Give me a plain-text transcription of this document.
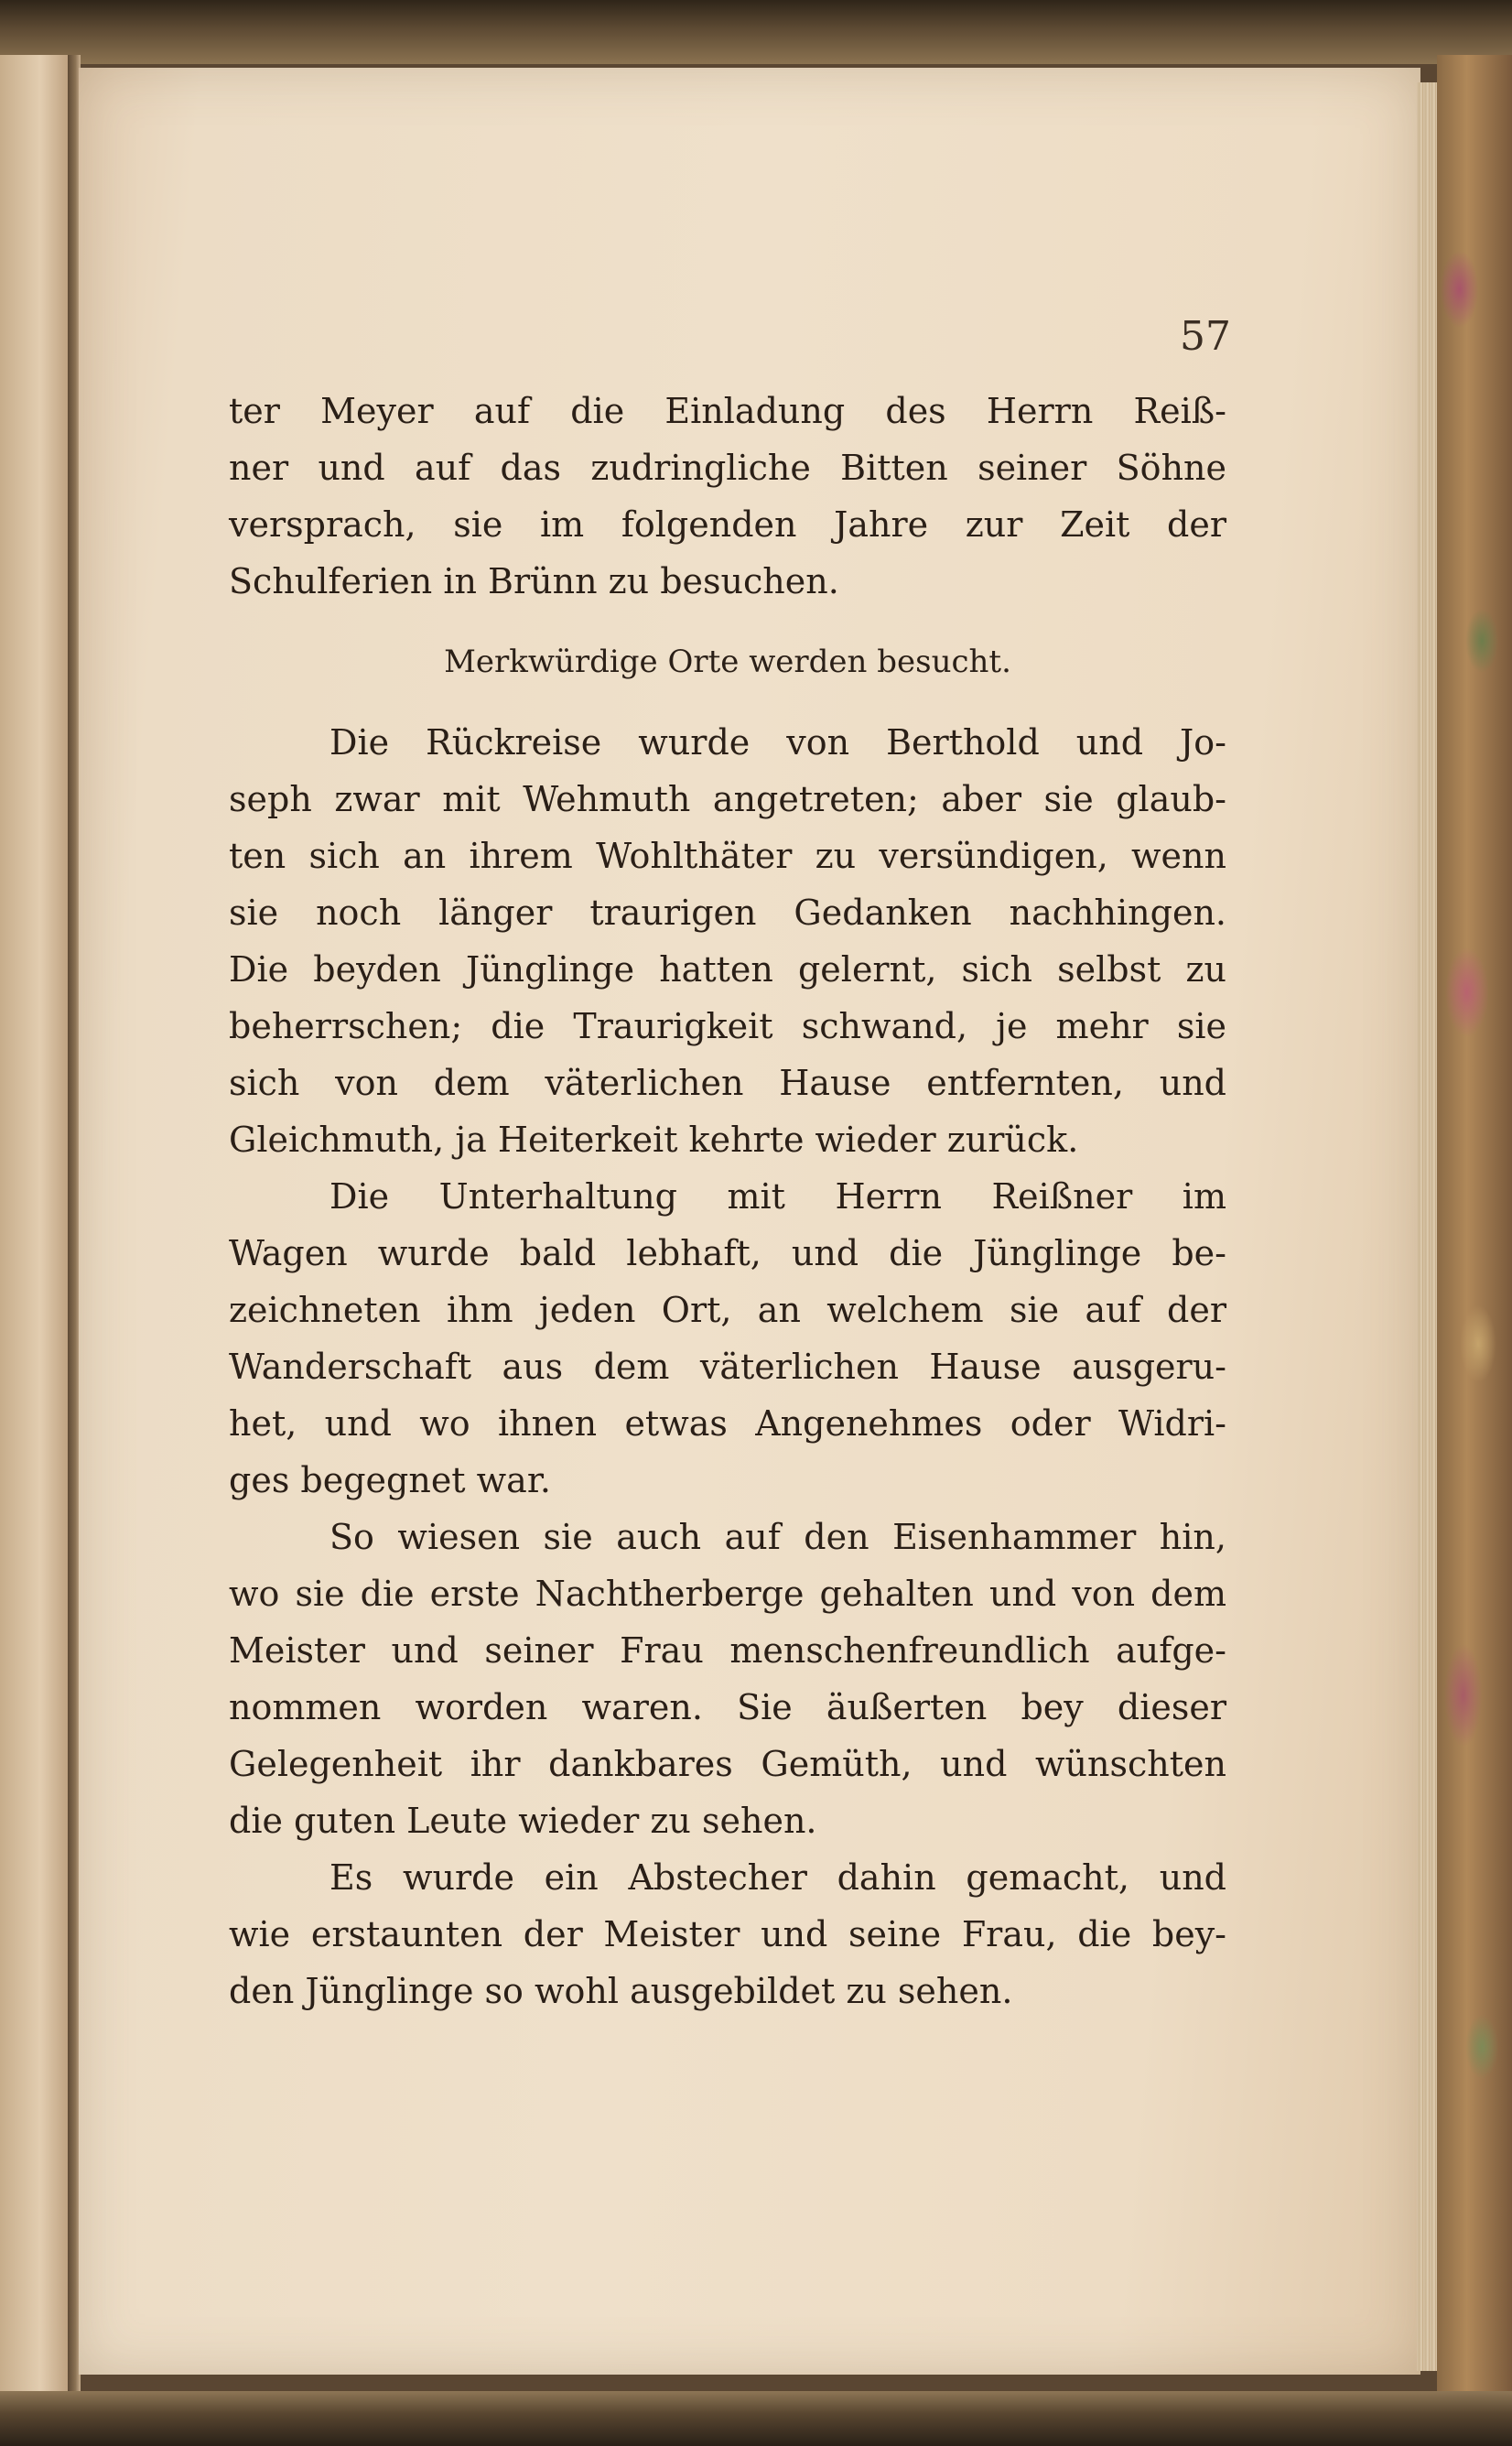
57
ter Meyer auf die Einladung des Herrn Reiß-
ner und auf das zudringliche Bitten seiner Söhne
versprach, sie im folgenden Jahre zur Zeit der
Schulferien in Brünn zu besuchen.
Merkwürdige Orte werden besucht.
Die Rückreise wurde von Berthold und Jo-
seph zwar mit Wehmuth angetreten; aber sie glaub-
ten sich an ihrem Wohlthäter zu versündigen, wenn
sie noch länger traurigen Gedanken nachhingen.
Die beyden Jünglinge hatten gelernt, sich selbst zu
beherrschen; die Traurigkeit schwand, je mehr sie
sich von dem väterlichen Hause entfernten, und
Gleichmuth, ja Heiterkeit kehrte wieder zurück.
Die Unterhaltung mit Herrn Reißner im
Wagen wurde bald lebhaft, und die Jünglinge be-
zeichneten ihm jeden Ort, an welchem sie auf der
Wanderschaft aus dem väterlichen Hause ausgeru-
het, und wo ihnen etwas Angenehmes oder Widri-
ges begegnet war.
So wiesen sie auch auf den Eisenhammer hin,
wo sie die erste Nachtherberge gehalten und von dem
Meister und seiner Frau menschenfreundlich aufge-
nommen worden waren. Sie äußerten bey dieser
Gelegenheit ihr dankbares Gemüth, und wünschten
die guten Leute wieder zu sehen.
Es wurde ein Abstecher dahin gemacht, und
wie erstaunten der Meister und seine Frau, die bey-
den Jünglinge so wohl ausgebildet zu sehen.
